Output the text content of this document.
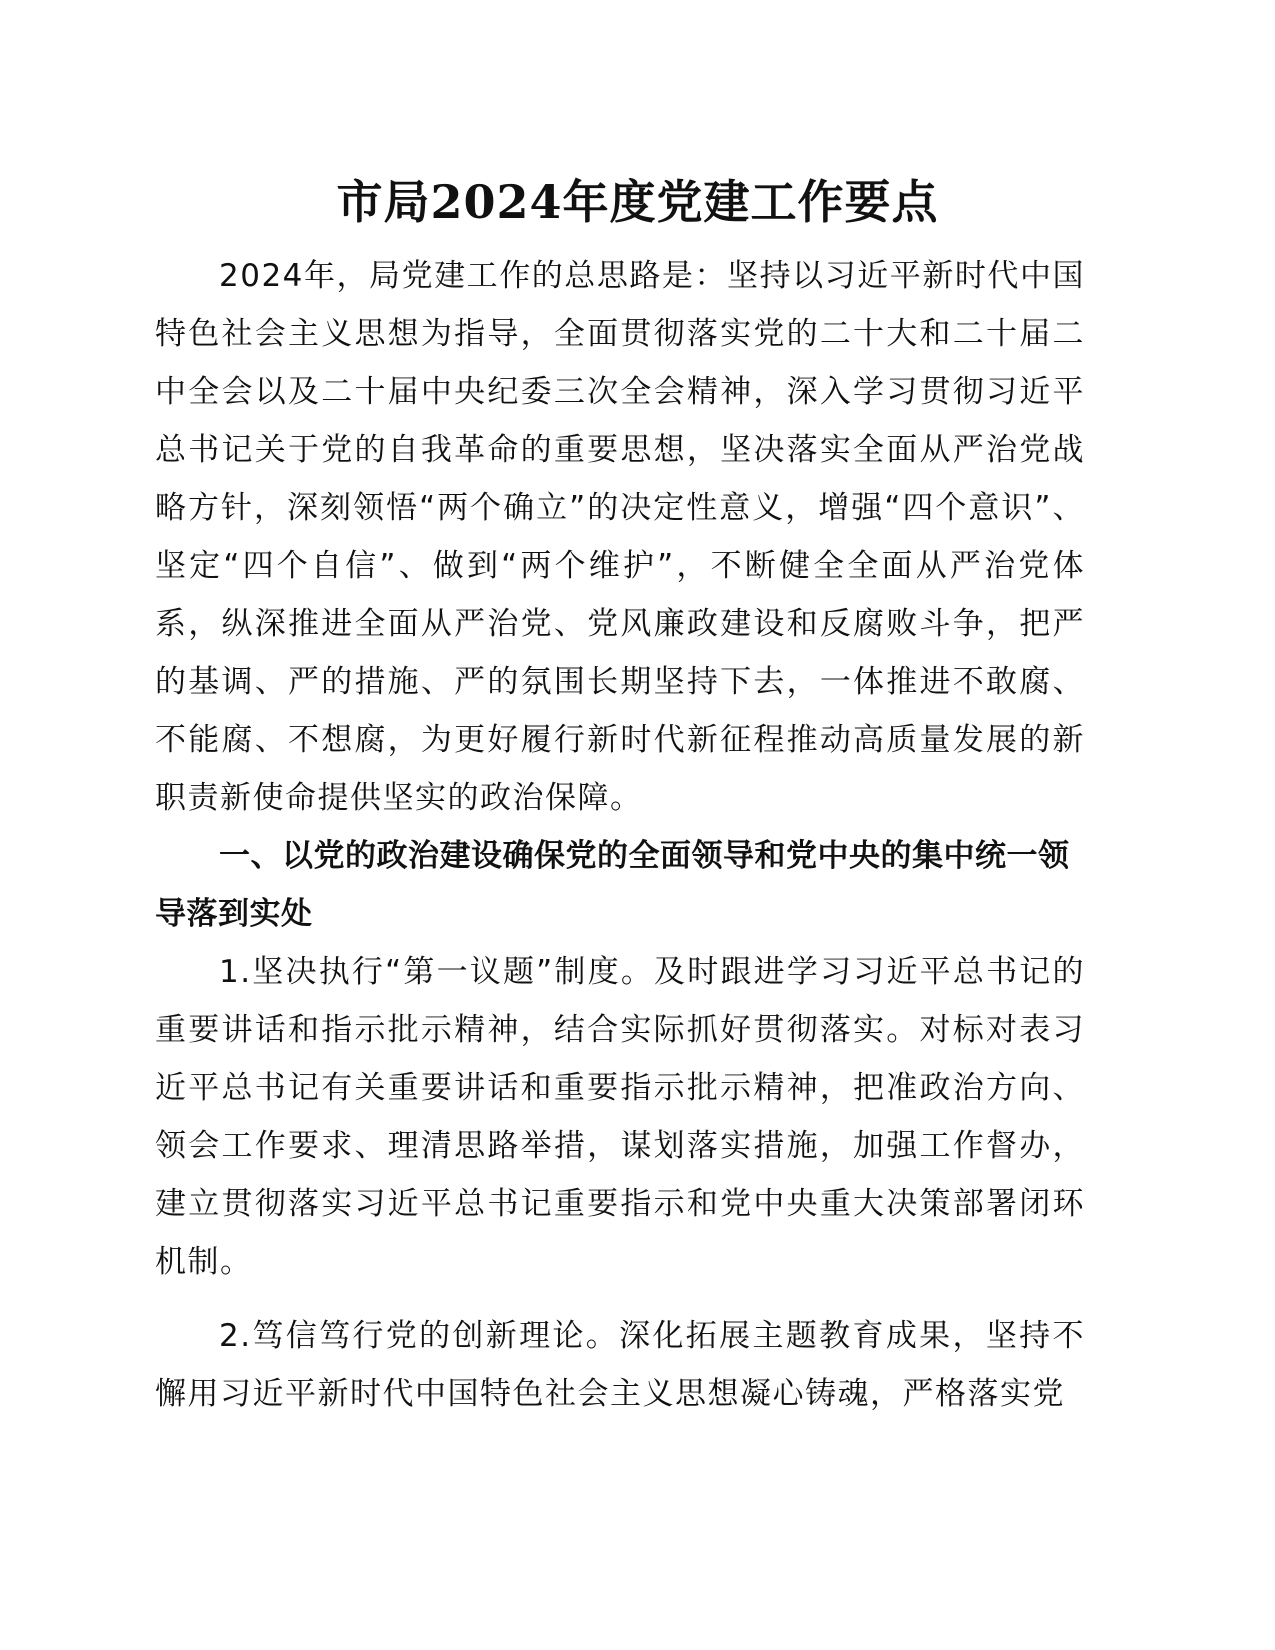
市局2024年度党建工作要点

2024年，局党建工作的总思路是：坚持以习近平新时代中国特色社会主义思想为指导，全面贯彻落实党的二十大和二十届二中全会以及二十届中央纪委三次全会精神，深入学习贯彻习近平总书记关于党的自我革命的重要思想，坚决落实全面从严治党战略方针，深刻领悟“两个确立”的决定性意义，增强“四个意识”、坚定“四个自信”、做到“两个维护”，不断健全全面从严治党体系，纵深推进全面从严治党、党风廉政建设和反腐败斗争，把严的基调、严的措施、严的氛围长期坚持下去，一体推进不敢腐、不能腐、不想腐，为更好履行新时代新征程推动高质量发展的新职责新使命提供坚实的政治保障。

一、以党的政治建设确保党的全面领导和党中央的集中统一领导落到实处

1.坚决执行“第一议题”制度。及时跟进学习习近平总书记的重要讲话和指示批示精神，结合实际抓好贯彻落实。对标对表习近平总书记有关重要讲话和重要指示批示精神，把准政治方向、领会工作要求、理清思路举措，谋划落实措施，加强工作督办，建立贯彻落实习近平总书记重要指示和党中央重大决策部署闭环机制。

2.笃信笃行党的创新理论。深化拓展主题教育成果，坚持不懈用习近平新时代中国特色社会主义思想凝心铸魂，严格落实党
